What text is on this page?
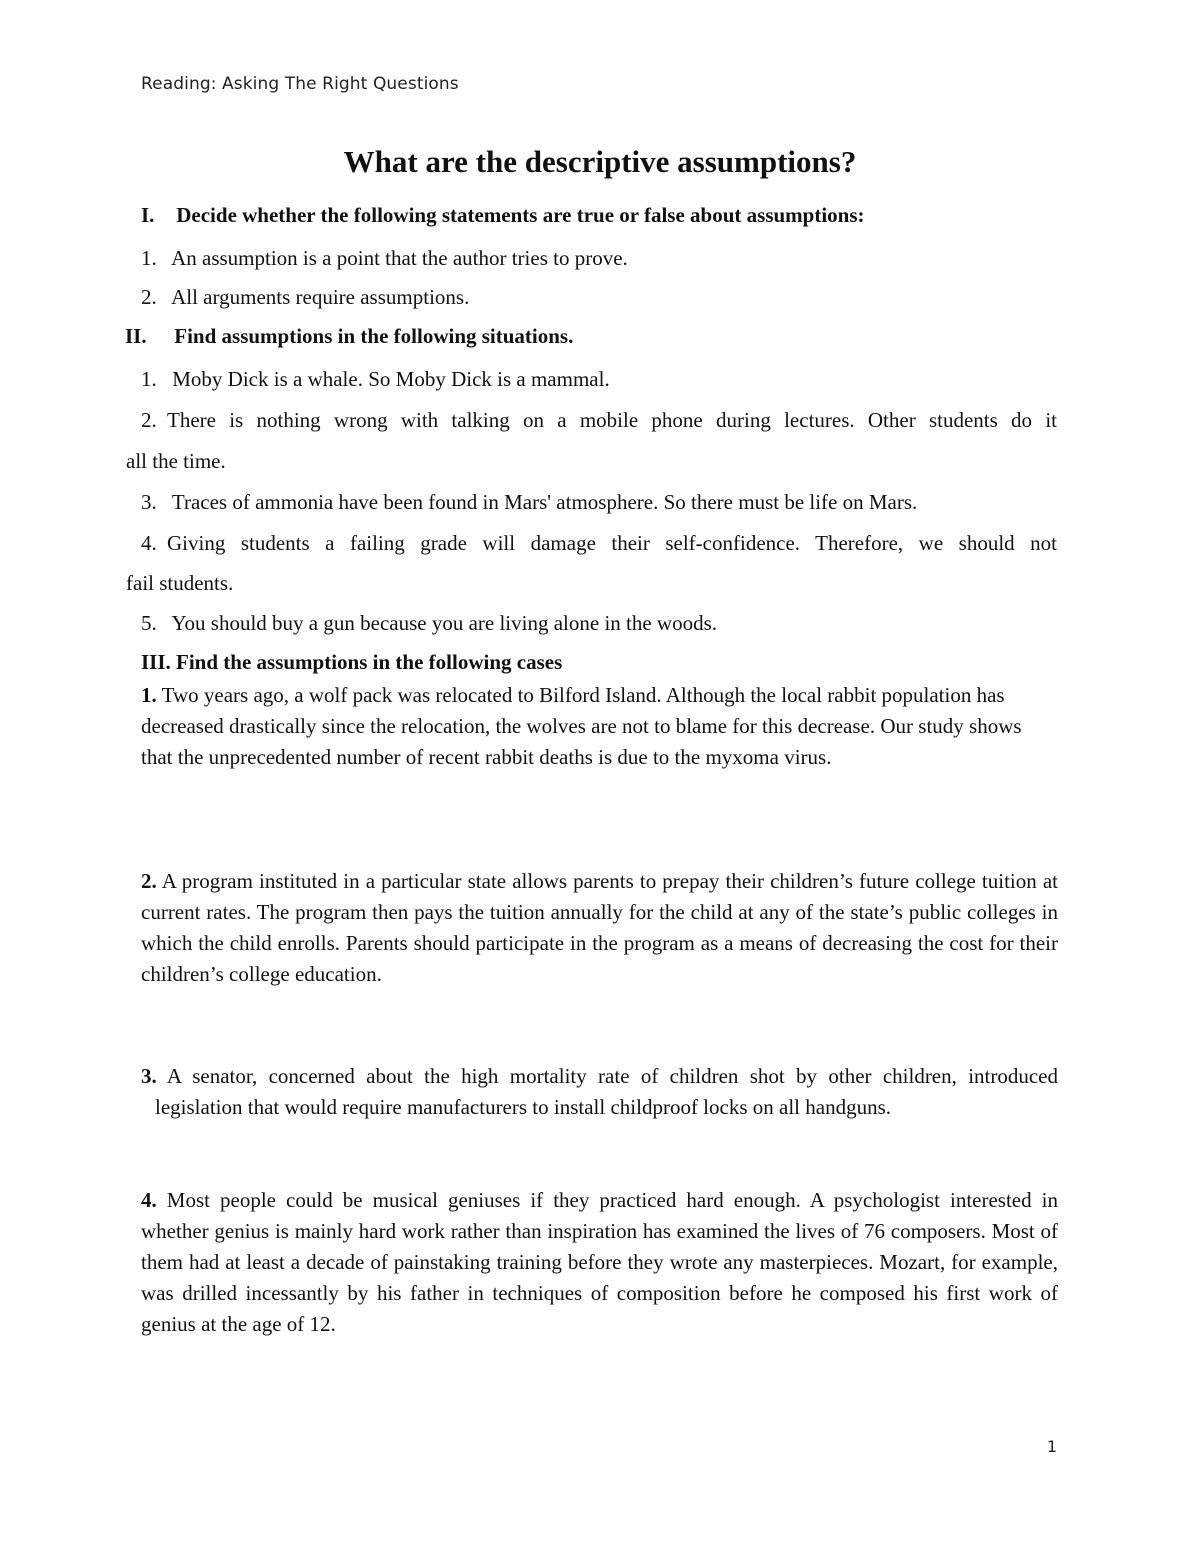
Reading: Asking The Right Questions
What are the descriptive assumptions?
I. Decide whether the following statements are true or false about assumptions:
1. An assumption is a point that the author tries to prove.
2. All arguments require assumptions.
II. Find assumptions in the following situations.
1. Moby Dick is a whale. So Moby Dick is a mammal.
2. There is nothing wrong with talking on a mobile phone during lectures. Other students do it
all the time.
3. Traces of ammonia have been found in Mars' atmosphere. So there must be life on Mars.
4. Giving students a failing grade will damage their self-confidence. Therefore, we should not
fail students.
5. You should buy a gun because you are living alone in the woods.
III. Find the assumptions in the following cases
1. Two years ago, a wolf pack was relocated to Bilford Island. Although the local rabbit population has decreased drastically since the relocation, the wolves are not to blame for this decrease. Our study shows that the unprecedented number of recent rabbit deaths is due to the myxoma virus.
2. A program instituted in a particular state allows parents to prepay their children’s future college tuition at current rates. The program then pays the tuition annually for the child at any of the state’s public colleges in which the child enrolls. Parents should participate in the program as a means of decreasing the cost for their children’s college education.
3. A senator, concerned about the high mortality rate of children shot by other children, introduced legislation that would require manufacturers to install childproof locks on all handguns.
4. Most people could be musical geniuses if they practiced hard enough. A psychologist interested in whether genius is mainly hard work rather than inspiration has examined the lives of 76 composers. Most of them had at least a decade of painstaking training before they wrote any masterpieces. Mozart, for example, was drilled incessantly by his father in techniques of composition before he composed his first work of genius at the age of 12.
1
